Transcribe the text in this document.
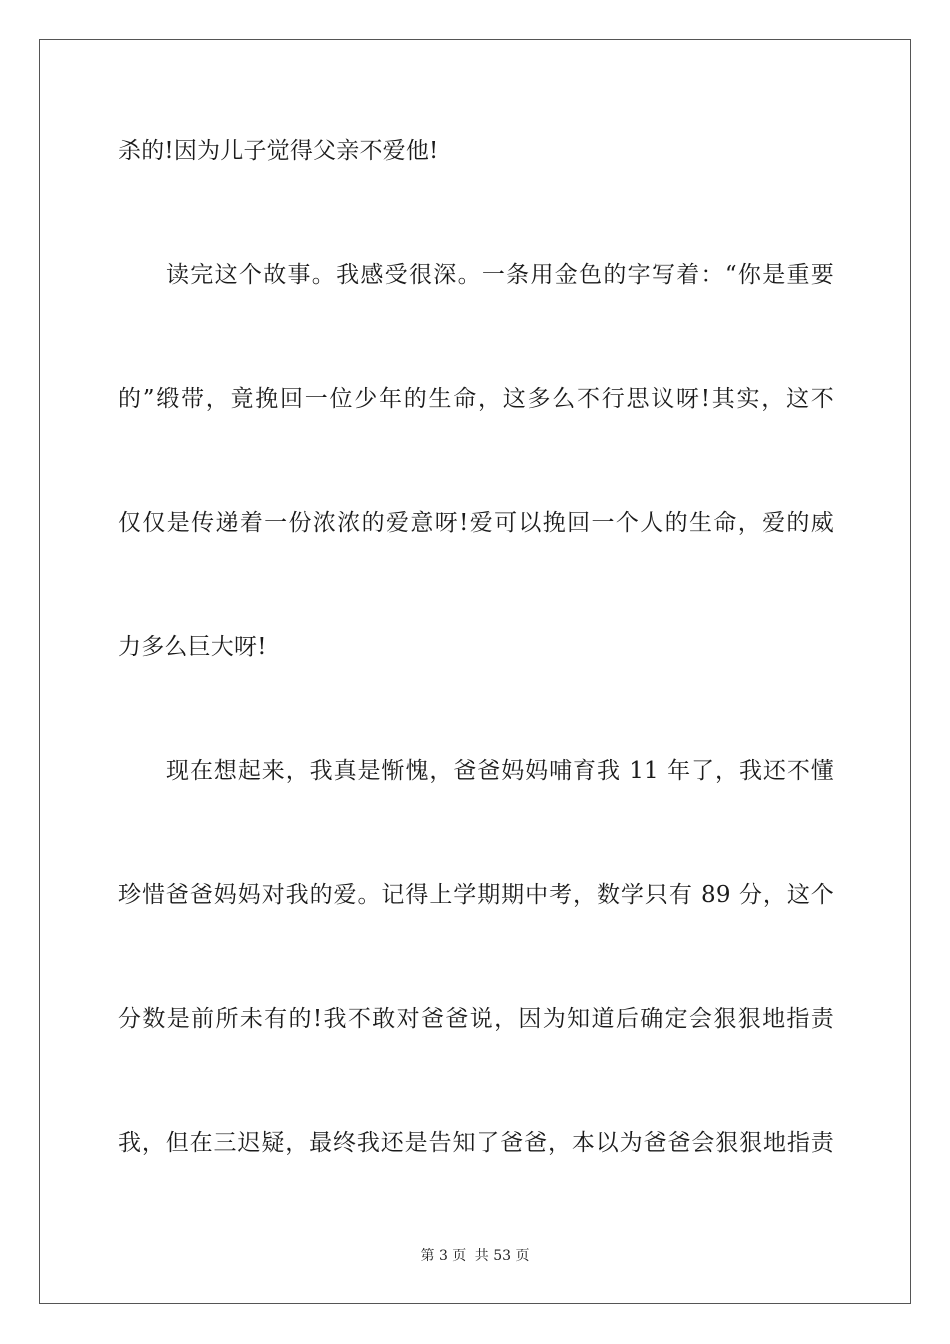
杀的!因为儿子觉得父亲不爱他!
读完这个故事。我感受很深。一条用金色的字写着：“你是重要
的”缎带，竟挽回一位少年的生命，这多么不行思议呀!其实，这不
仅仅是传递着一份浓浓的爱意呀!爱可以挽回一个人的生命，爱的威
力多么巨大呀!
现在想起来，我真是惭愧，爸爸妈妈哺育我 11 年了，我还不懂
珍惜爸爸妈妈对我的爱。记得上学期期中考，数学只有 89 分，这个
分数是前所未有的!我不敢对爸爸说，因为知道后确定会狠狠地指责
我，但在三迟疑，最终我还是告知了爸爸，本以为爸爸会狠狠地指责
第 3 页 共 53 页
